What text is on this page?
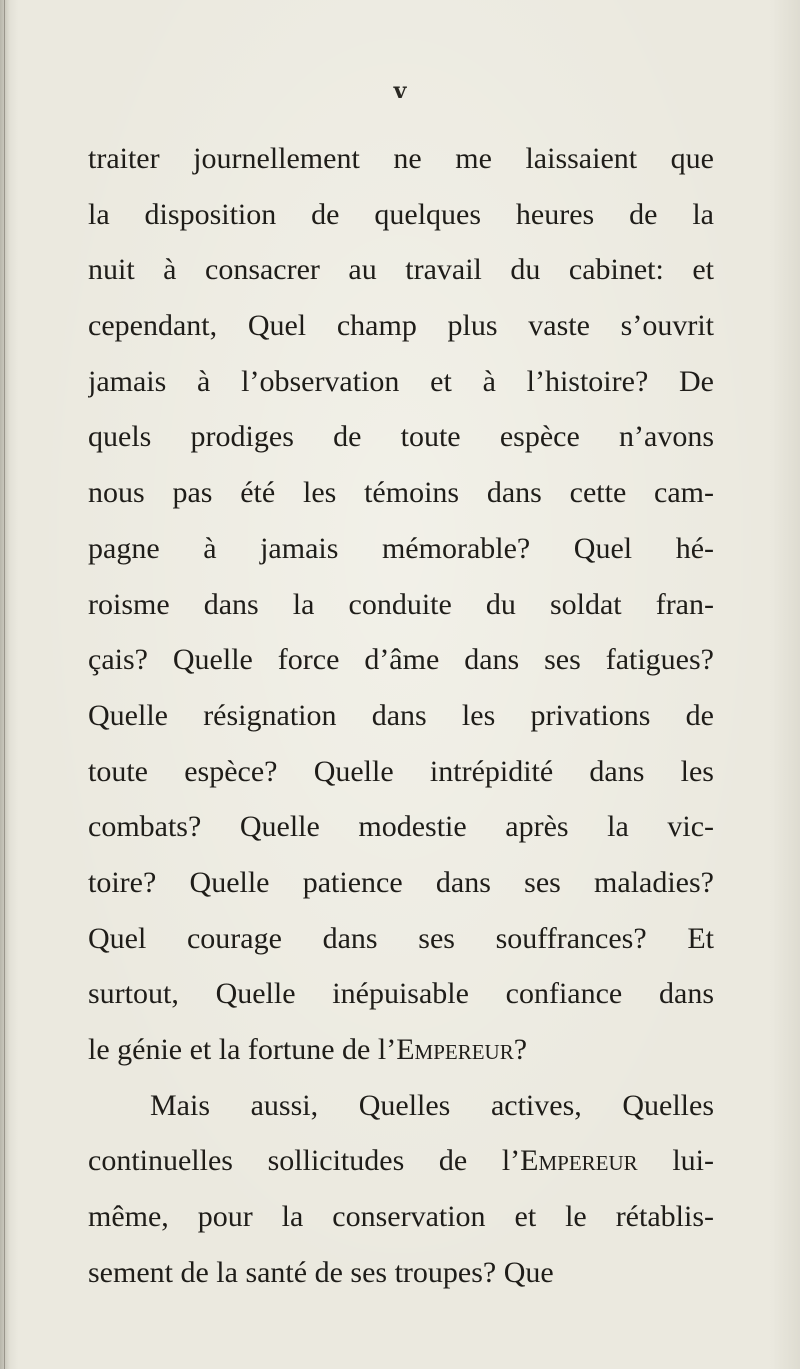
v
traiter journellement ne me laissaient que
la disposition de quelques heures de la
nuit à consacrer au travail du cabinet: et
cependant, Quel champ plus vaste s’ouvrit
jamais à l’observation et à l’histoire? De
quels prodiges de toute espèce n’avons
nous pas été les témoins dans cette cam-
pagne à jamais mémorable? Quel hé-
roisme dans la conduite du soldat fran-
çais? Quelle force d’âme dans ses fatigues?
Quelle résignation dans les privations de
toute espèce? Quelle intrépidité dans les
combats? Quelle modestie après la vic-
toire? Quelle patience dans ses maladies?
Quel courage dans ses souffrances? Et
surtout, Quelle inépuisable confiance dans
le génie et la fortune de l’Empereur?
Mais aussi, Quelles actives, Quelles
continuelles sollicitudes de l’Empereur lui-
même, pour la conservation et le rétablis-
sement de la santé de ses troupes? Que
